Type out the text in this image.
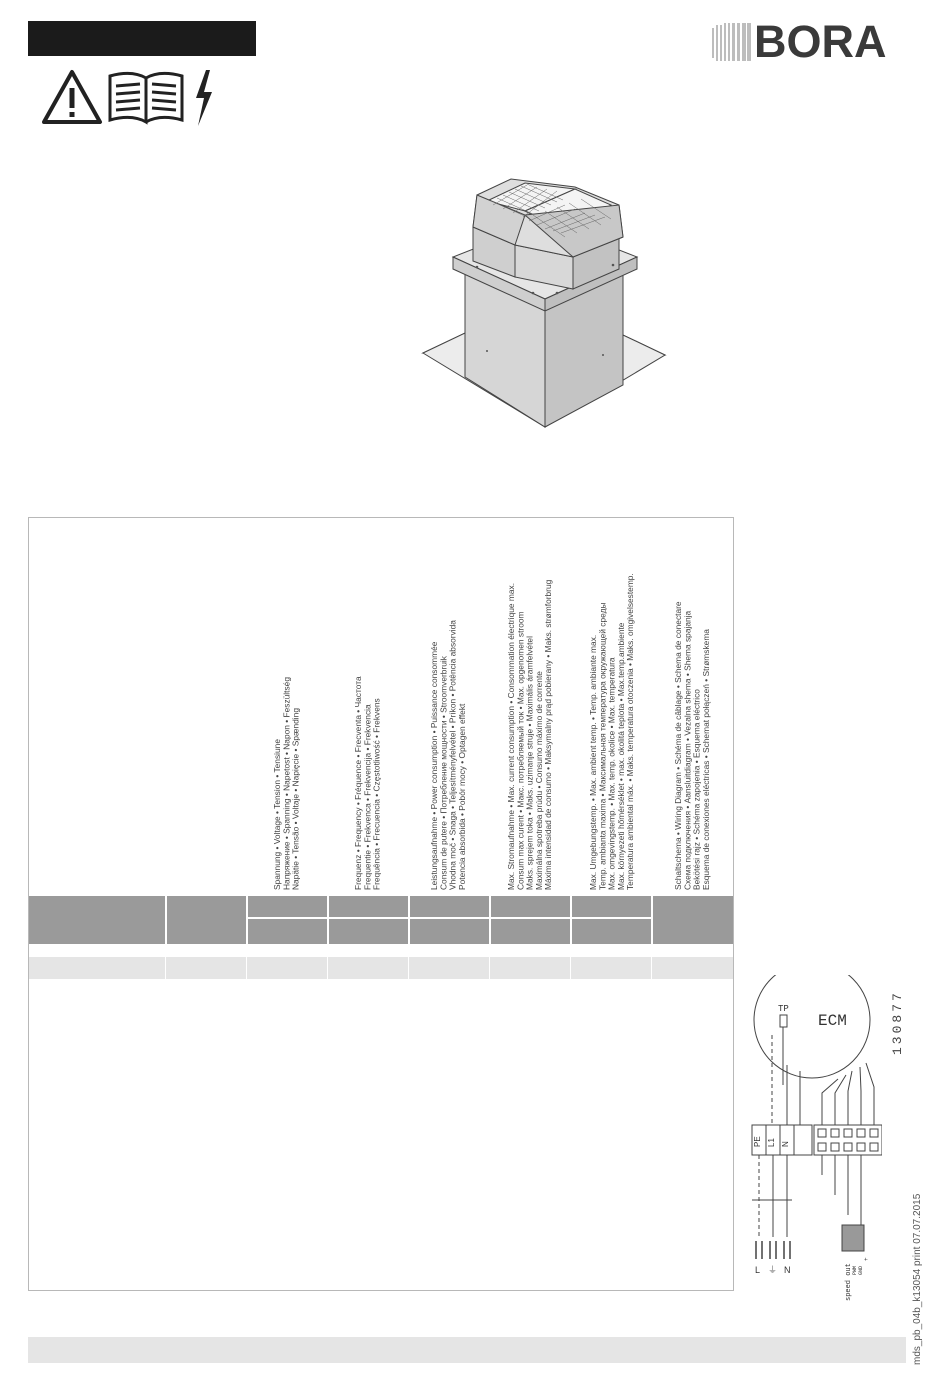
BORA
Spannung • Voltage • Tension • Tensiune Напряжение • Spanning • Napetost • Napon • Feszültség Napätie • Tensão • Voltaje • Napięcie • Spænding	Frequenz • Frequency • Fréquence • Frecventa • Частота Frequentie • Frekvenca • Frekvencija • Frekvencia Frequência • Frecuencia • Częstotliwość • Frekvens	Leistungsaufnahme • Power consumption • Puissance consommée Consum de putere • Потребление мощности • Stroomverbruik Vhodna moč • Snaga • Teljesítményfelvétel • Príkon • Potência absorvida Potencia absorbida • Pobór mocy • Optagen effekt	Max. Stromaufnahme • Max. current consumption • Consommation électrique max. Consum max curent • Макс. потребляемый ток • Max. opgenomen stroom Maks. sprejem toka • Maks. uzimanje struje • Maximális áramfelvétel Maximálna spotreba prúdu • Consumo máximo de corrente Máxima intensidad de consumo • Maksymalny prąd pobierany • Maks. strømforbrug	Max. Umgebungstemp. • Max. ambient temp. • Temp. ambiante max. Temp. ambianta maxima • Максимальная температура окружающей среды Max. omgevingstemp. • Max. temp. okolice • Max. temperatura Max. környezeti hőmérséklet • max. okolitá teplota • Max.temp.ambiente Temperatura ambiental máx. • Maks. temperatura otoczenia • Maks. omgivelsestemp.	Schaltschema • Wiring Diagram • Schéma de câblage • Schema de conectare Схема подключения • Aansluitdiagram • Vezalna shema • Shema spajanja Bekötési rajz • Schéma zapojenia • Esquema eléctrico Esquema de conexiones eléctricas • Schemat połączeń • Strømskema
ECM
TP
PE L1 N
L ⏚ N	speed out PWM GND
+
130877
mds_pb_04b_k13054 print 07.07.2015
